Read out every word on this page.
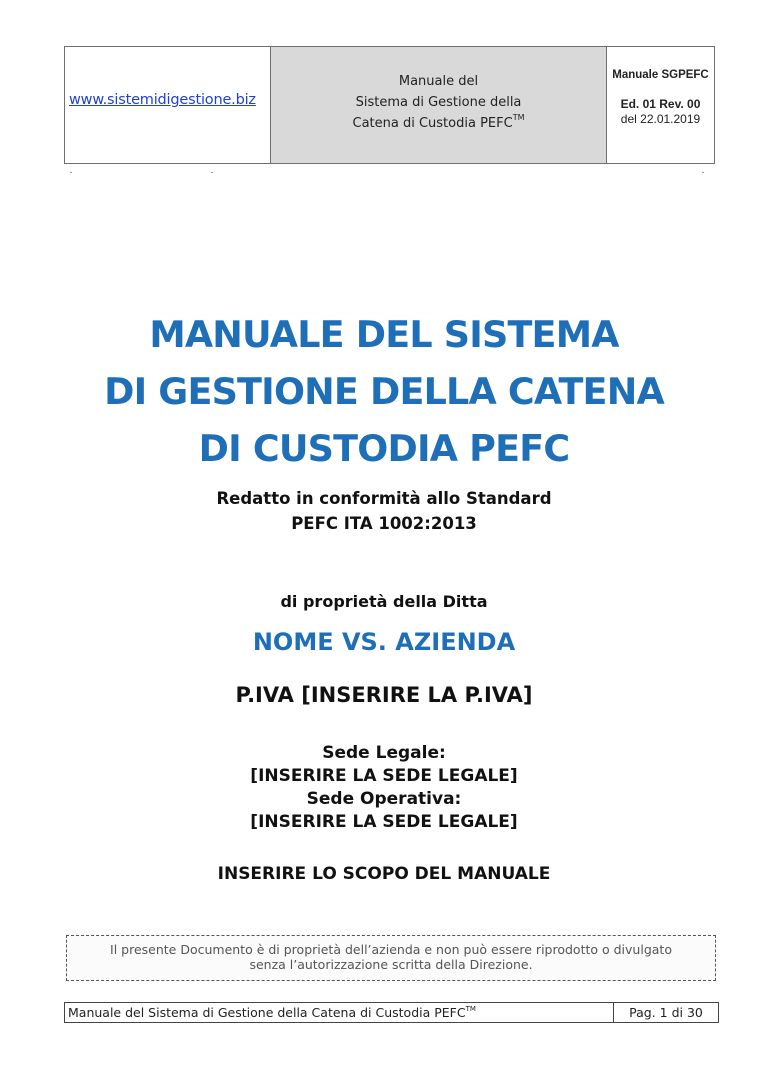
www.sistemidigestione.biz
Manuale del
Sistema di Gestione della
Catena di Custodia PEFC™
Manuale SGPEFC
Ed. 01 Rev. 00
del 22.01.2019
MANUALE DEL SISTEMA
DI GESTIONE DELLA CATENA
DI CUSTODIA PEFC
Redatto in conformità allo Standard
PEFC ITA 1002:2013
di proprietà della Ditta
NOME VS. AZIENDA
P.IVA [INSERIRE LA P.IVA]
Sede Legale:
[INSERIRE LA SEDE LEGALE]
Sede Operativa:
[INSERIRE LA SEDE LEGALE]
INSERIRE LO SCOPO DEL MANUALE
Il presente Documento è di proprietà dell’azienda e non può essere riprodotto o divulgato
senza l’autorizzazione scritta della Direzione.
Manuale del Sistema di Gestione della Catena di Custodia PEFC™	Pag. 1 di 30
